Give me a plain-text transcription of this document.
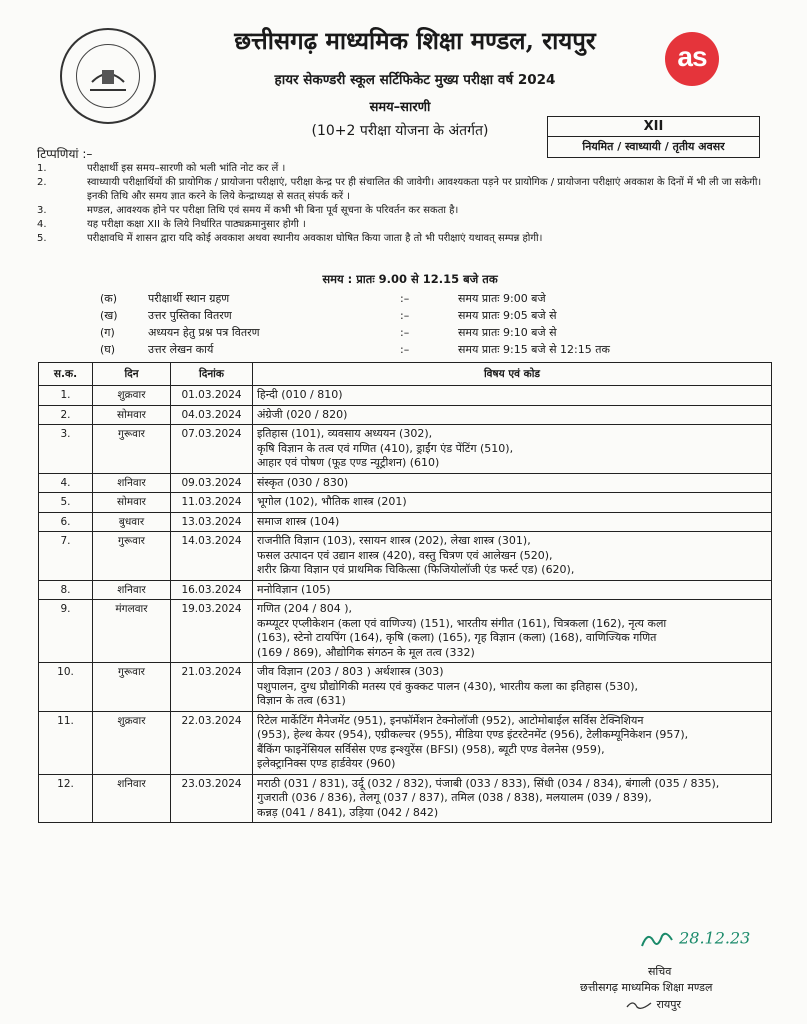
छत्तीसगढ़ माध्यमिक शिक्षा मण्डल, रायपुर
as
हायर सेकण्डरी स्कूल सर्टिफिकेट मुख्य परीक्षा वर्ष 2024
समय–सारणी
(10+2 परीक्षा योजना के अंतर्गत)	XII
नियमित / स्वाध्यायी / तृतीय अवसर
टिप्पणियां :–
1.	परीक्षार्थी इस समय–सारणी को भली भांति नोट कर लें ।
2.	स्वाध्यायी परीक्षार्थियों की प्रायोगिक / प्रायोजना परीक्षाएं, परीक्षा केन्द्र पर ही संचालित की जावेगी। आवश्यकता पड़ने पर प्रायोगिक / प्रायोजना परीक्षाएं अवकाश के दिनों में भी ली जा सकेगी। इनकी तिथि और समय ज्ञात करने के लिये केन्द्राध्यक्ष से सतत् संपर्क करें ।
3.	मण्डल, आवश्यक होने पर परीक्षा तिथि एवं समय में कभी भी बिना पूर्व सूचना के परिवर्तन कर सकता है।
4.	यह परीक्षा कक्षा XII के लिये निर्धारित पाठ्यक्रमानुसार होगी ।
5.	परीक्षावधि में शासन द्वारा यदि कोई अवकाश अथवा स्थानीय अवकाश घोषित किया जाता है तो भी परीक्षाएं यथावत् सम्पन्न होगी।
समय : प्रातः 9.00 से 12.15 बजे तक
(क)	परीक्षार्थी स्थान ग्रहण	:–	समय प्रातः 9:00 बजे
(ख)	उत्तर पुस्तिका वितरण	:–	समय प्रातः 9:05 बजे से
(ग)	अध्ययन हेतु प्रश्न पत्र वितरण	:–	समय प्रातः 9:10 बजे से
(घ)	उत्तर लेखन कार्य	:–	समय प्रातः 9:15 बजे से 12:15 तक
स.क.	दिन	दिनांक	विषय एवं कोड
1.	शुक्रवार	01.03.2024	हिन्दी (010 / 810)

2.	सोमवार	04.03.2024	अंग्रेजी (020 / 820)

3.	गुरूवार	07.03.2024	इतिहास (101), व्यवसाय अध्ययन (302),
कृषि विज्ञान के तत्व एवं गणित (410), ड्राईंग एंड पेंटिंग (510),
आहार एवं पोषण (फूड एण्ड न्यूट्रीशन) (610)

4.	शनिवार	09.03.2024	संस्कृत (030 / 830)

5.	सोमवार	11.03.2024	भूगोल (102), भौतिक शास्त्र (201)

6.	बुधवार	13.03.2024	समाज शास्त्र (104)

7.	गुरूवार	14.03.2024	राजनीति विज्ञान (103), रसायन शास्त्र (202), लेखा शास्त्र (301),
फसल उत्पादन एवं उद्यान शास्त्र (420), वस्तु चित्रण एवं आलेखन (520),
शरीर क्रिया विज्ञान एवं प्राथमिक चिकित्सा (फिजियोलॉजी एंड फर्स्ट एड) (620),

8.	शनिवार	16.03.2024	मनोविज्ञान (105)

9.	मंगलवार	19.03.2024	गणित (204 / 804 ),
कम्प्यूटर एप्लीकेशन (कला एवं वाणिज्य) (151), भारतीय संगीत (161), चित्रकला (162), नृत्य कला
(163), स्टेनो टायपिंग (164), कृषि (कला) (165), गृह विज्ञान (कला) (168), वाणिज्यिक गणित
(169 / 869), औद्योगिक संगठन के मूल तत्व (332)

10.	गुरूवार	21.03.2024	जीव विज्ञान (203 / 803 ) अर्थशास्त्र (303)
पशुपालन, दुग्ध प्रौद्योगिकी मतस्य एवं कुक्कट पालन (430), भारतीय कला का इतिहास (530),
विज्ञान के तत्व (631)

11.	शुक्रवार	22.03.2024	रिटेल मार्केटिंग मैनेजमेंट (951), इनफॉर्मेशन टेक्नोलॉजी (952), आटोमोबाईल सर्विस टेक्निशियन
(953), हेल्थ केयर (954), एग्रीकल्चर (955), मीडिया एण्ड इंटरटेनमेंट (956), टेलीकम्यूनिकेशन (957),
बैंकिंग फाइनेंसियल सर्विसेस एण्ड इन्श्युरेंस (BFSI) (958), ब्यूटी एण्ड वेलनेस (959),
इलेक्ट्रानिक्स एण्ड हार्डवेयर (960)

12.	शनिवार	23.03.2024	मराठी (031 / 831), उर्दू (032 / 832), पंजाबी (033 / 833), सिंधी (034 / 834), बंगाली (035 / 835),
गुजराती (036 / 836), तेलगू (037 / 837), तमिल (038 / 838), मलयालम (039 / 839),
कन्नड़ (041 / 841), उड़िया (042 / 842)
28.12.23
सचिव
छत्तीसगढ़ माध्यमिक शिक्षा मण्डल
रायपुर
